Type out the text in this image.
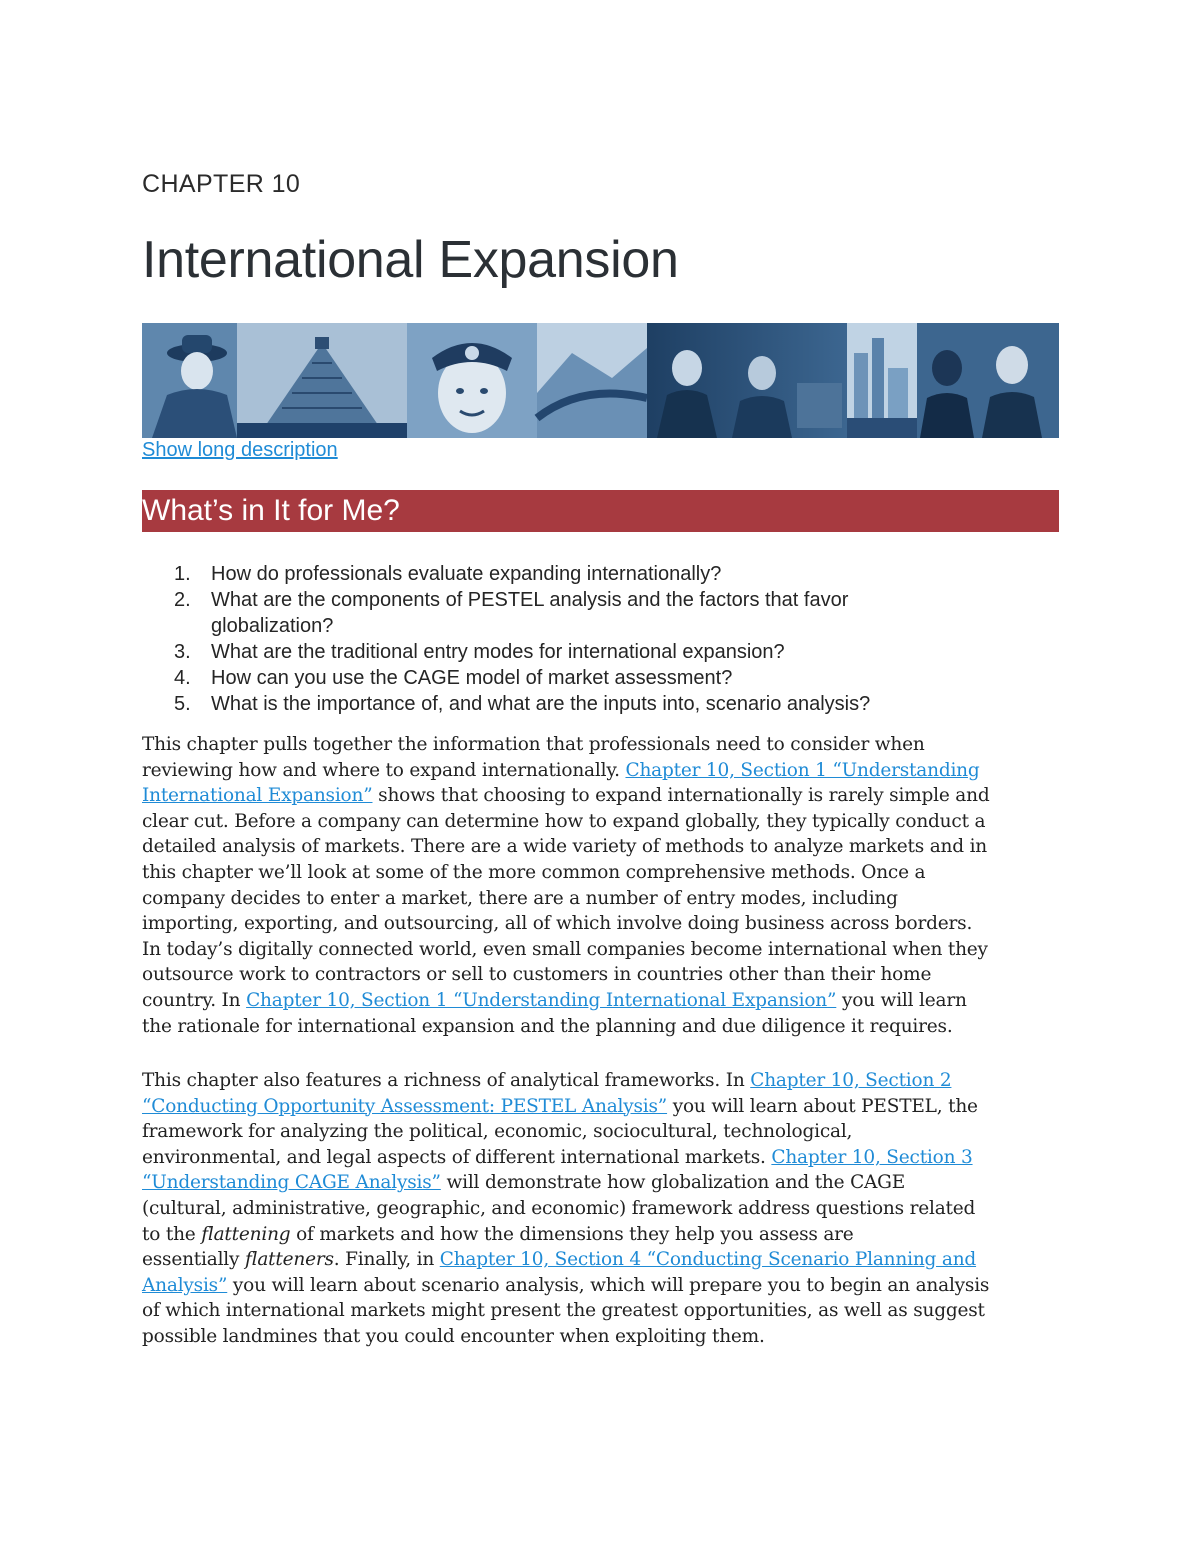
CHAPTER 10
International Expansion
Show long description
What’s in It for Me?
1. How do professionals evaluate expanding internationally?
2. What are the components of PESTEL analysis and the factors that favor
globalization?
3. What are the traditional entry modes for international expansion?
4. How can you use the CAGE model of market assessment?
5. What is the importance of, and what are the inputs into, scenario analysis?
This chapter pulls together the information that professionals need to consider when
reviewing how and where to expand internationally. Chapter 10, Section 1 “Understanding
International Expansion” shows that choosing to expand internationally is rarely simple and
clear cut. Before a company can determine how to expand globally, they typically conduct a
detailed analysis of markets. There are a wide variety of methods to analyze markets and in
this chapter we’ll look at some of the more common comprehensive methods. Once a
company decides to enter a market, there are a number of entry modes, including
importing, exporting, and outsourcing, all of which involve doing business across borders.
In today’s digitally connected world, even small companies become international when they
outsource work to contractors or sell to customers in countries other than their home
country. In Chapter 10, Section 1 “Understanding International Expansion” you will learn
the rationale for international expansion and the planning and due diligence it requires.
This chapter also features a richness of analytical frameworks. In Chapter 10, Section 2
“Conducting Opportunity Assessment: PESTEL Analysis” you will learn about PESTEL, the
framework for analyzing the political, economic, sociocultural, technological,
environmental, and legal aspects of different international markets. Chapter 10, Section 3
“Understanding CAGE Analysis” will demonstrate how globalization and the CAGE
(cultural, administrative, geographic, and economic) framework address questions related
to the flattening of markets and how the dimensions they help you assess are
essentially flatteners. Finally, in Chapter 10, Section 4 “Conducting Scenario Planning and
Analysis” you will learn about scenario analysis, which will prepare you to begin an analysis
of which international markets might present the greatest opportunities, as well as suggest
possible landmines that you could encounter when exploiting them.
